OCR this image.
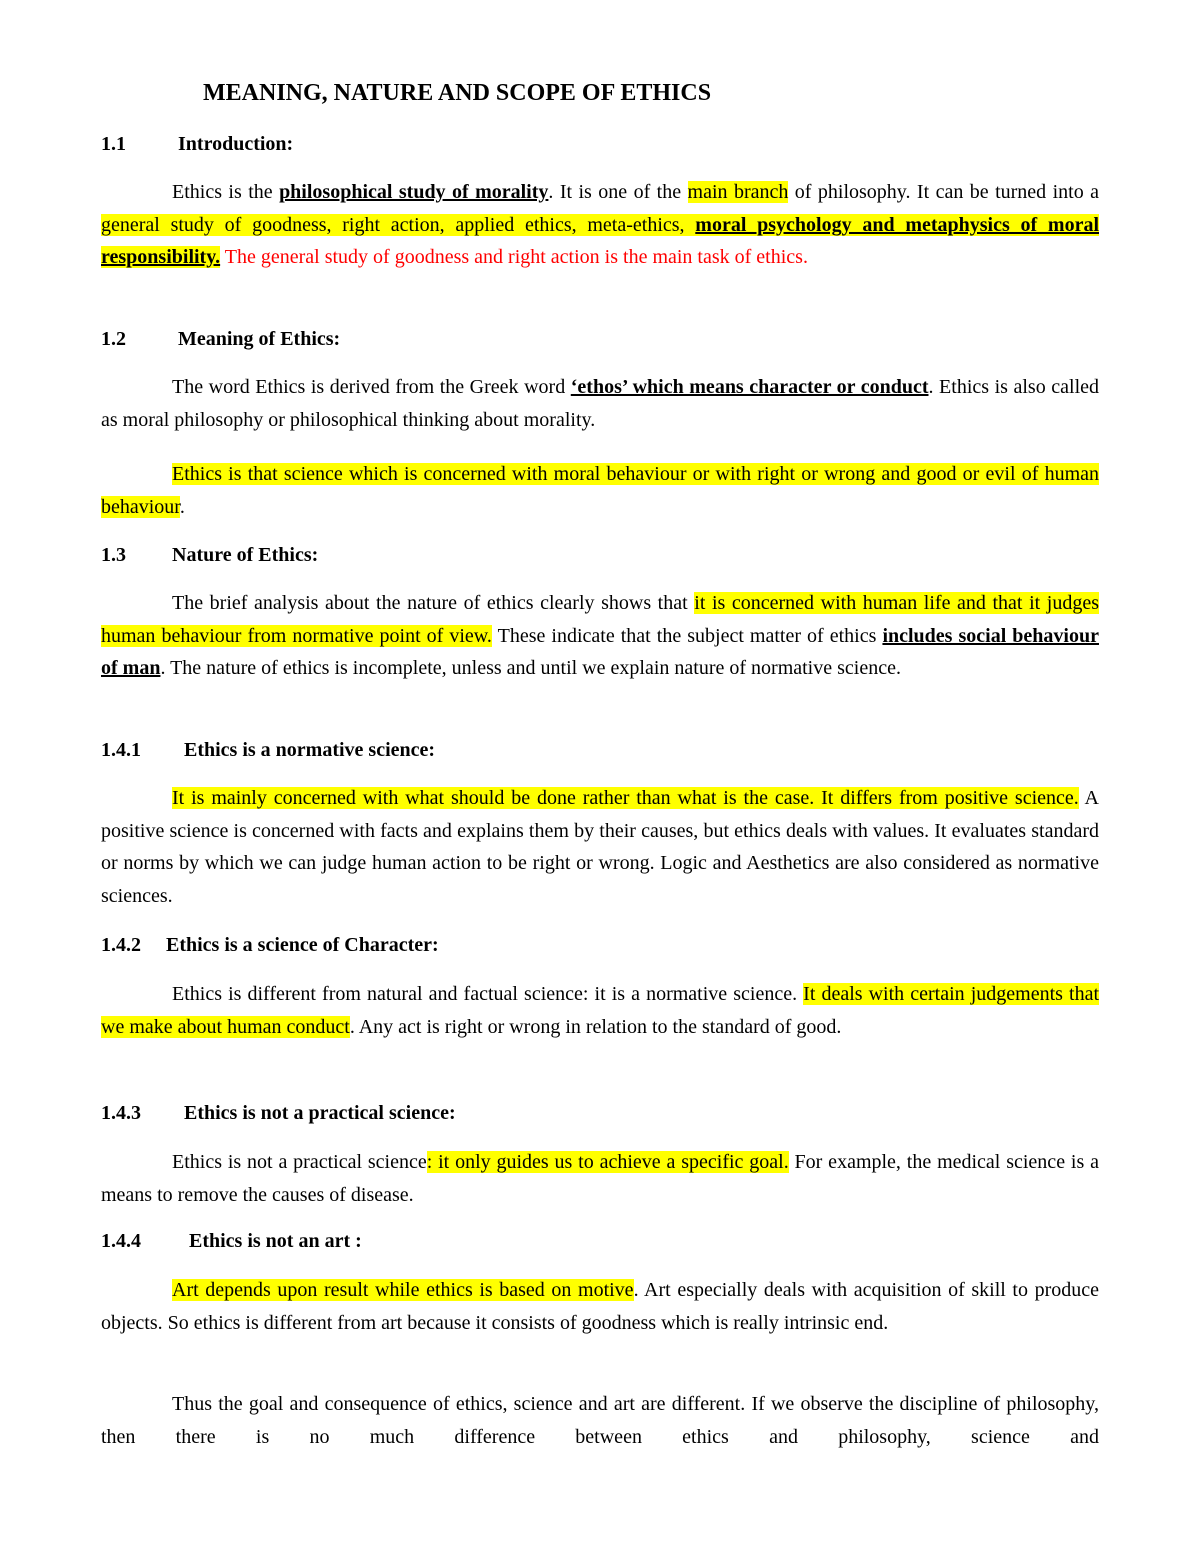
MEANING, NATURE AND SCOPE OF ETHICS
1.1	Introduction:

Ethics is the philosophical study of morality. It is one of the main branch of philosophy. It can be turned into a general study of goodness, right action, applied ethics, meta-ethics, moral psychology and metaphysics of moral responsibility. The general study of goodness and right action is the main task of ethics.

1.2	Meaning of Ethics:

The word Ethics is derived from the Greek word ‘ethos’ which means character or conduct. Ethics is also called as moral philosophy or philosophical thinking about morality.

Ethics is that science which is concerned with moral behaviour or with right or wrong and good or evil of human behaviour.

1.3 Nature of Ethics:

The brief analysis about the nature of ethics clearly shows that it is concerned with human life and that it judges human behaviour from normative point of view. These indicate that the subject matter of ethics includes social behaviour of man. The nature of ethics is incomplete, unless and until we explain nature of normative science.

1.4.1 Ethics is a normative science:

It is mainly concerned with what should be done rather than what is the case. It differs from positive science. A positive science is concerned with facts and explains them by their causes, but ethics deals with values. It evaluates standard or norms by which we can judge human action to be right or wrong. Logic and Aesthetics are also considered as normative sciences.

1.4.2 Ethics is a science of Character:

Ethics is different from natural and factual science: it is a normative science. It deals with certain judgements that we make about human conduct. Any act is right or wrong in relation to the standard of good.

1.4.3 Ethics is not a practical science:

Ethics is not a practical science: it only guides us to achieve a specific goal. For example, the medical science is a means to remove the causes of disease.

1.4.4 Ethics is not an art :

Art depends upon result while ethics is based on motive. Art especially deals with acquisition of skill to produce objects. So ethics is different from art because it consists of goodness which is really intrinsic end.

Thus the goal and consequence of ethics, science and art are different. If we observe the discipline of philosophy, then there is no much difference between ethics and philosophy, science and
